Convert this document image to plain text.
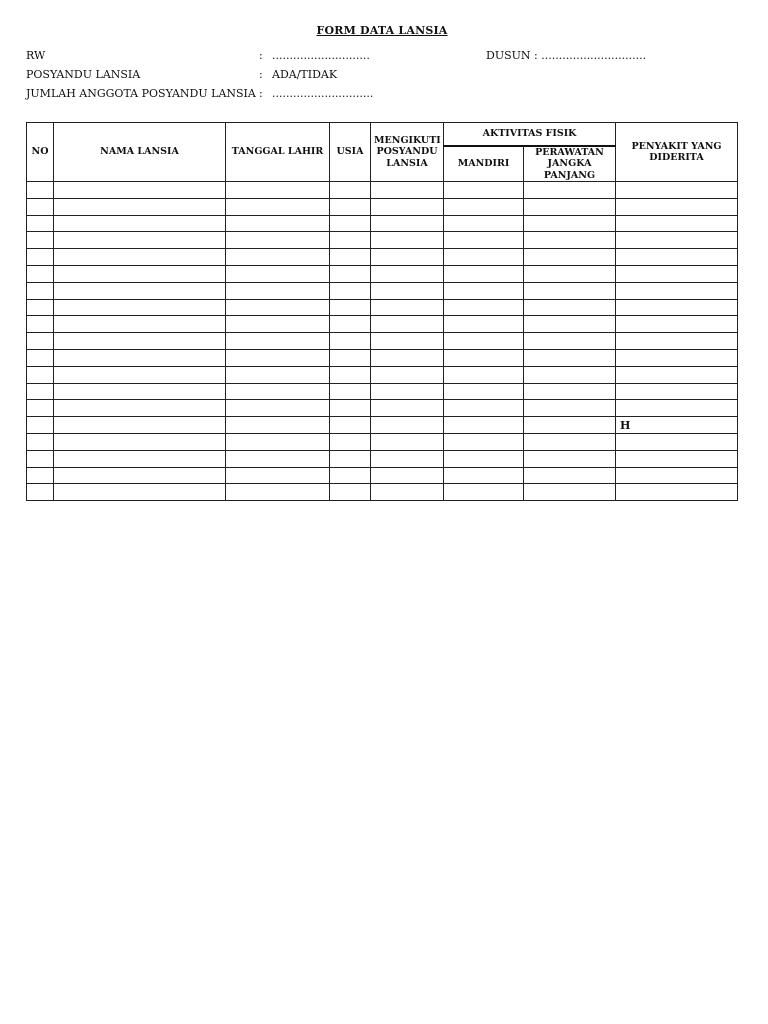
FORM DATA LANSIA
RW	: ............................	DUSUN : ..............................
POSYANDU LANSIA	: ADA/TIDAK
JUMLAH ANGGOTA POSYANDU LANSIA : .............................
NO	NAMA LANSIA	TANGGAL LAHIR	USIA	MENGIKUTI POSYANDU LANSIA	AKTIVITAS FISIK		PENYAKIT YANG DIDERITA
					MANDIRI	PERAWATAN JANGKA PANJANG	

							H
